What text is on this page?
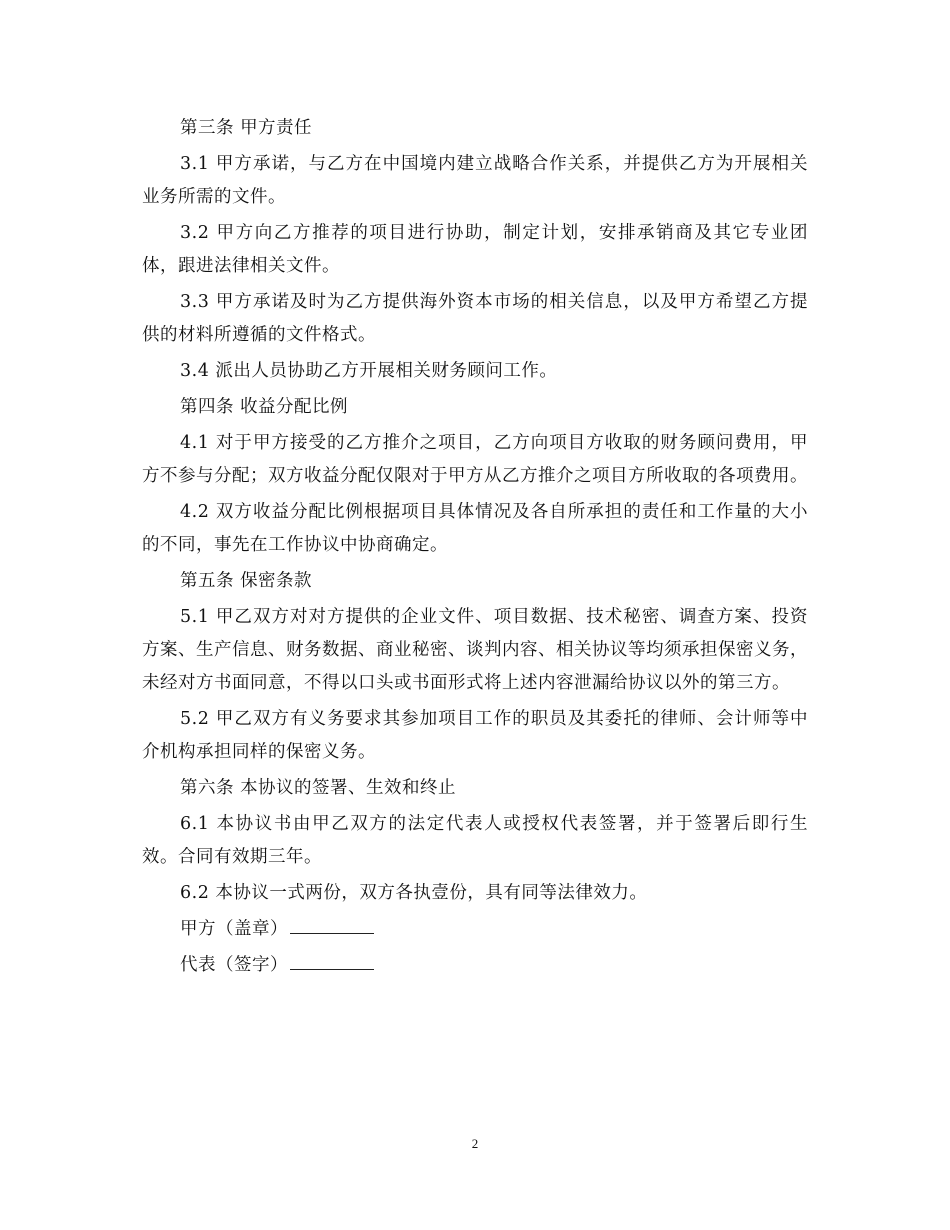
第三条 甲方责任

3.1 甲方承诺，与乙方在中国境内建立战略合作关系，并提供乙方为开展相关业务所需的文件。

3.2 甲方向乙方推荐的项目进行协助，制定计划，安排承销商及其它专业团体，跟进法律相关文件。

3.3 甲方承诺及时为乙方提供海外资本市场的相关信息，以及甲方希望乙方提供的材料所遵循的文件格式。

3.4 派出人员协助乙方开展相关财务顾问工作。

第四条 收益分配比例

4.1 对于甲方接受的乙方推介之项目，乙方向项目方收取的财务顾问费用，甲方不参与分配；双方收益分配仅限对于甲方从乙方推介之项目方所收取的各项费用。

4.2 双方收益分配比例根据项目具体情况及各自所承担的责任和工作量的大小的不同，事先在工作协议中协商确定。

第五条 保密条款

5.1 甲乙双方对对方提供的企业文件、项目数据、技术秘密、调查方案、投资方案、生产信息、财务数据、商业秘密、谈判内容、相关协议等均须承担保密义务，未经对方书面同意，不得以口头或书面形式将上述内容泄漏给协议以外的第三方。

5.2 甲乙双方有义务要求其参加项目工作的职员及其委托的律师、会计师等中介机构承担同样的保密义务。

第六条 本协议的签署、生效和终止

6.1 本协议书由甲乙双方的法定代表人或授权代表签署，并于签署后即行生效。合同有效期三年。

6.2 本协议一式两份，双方各执壹份，具有同等法律效力。

甲方（盖章）

代表（签字）

2
